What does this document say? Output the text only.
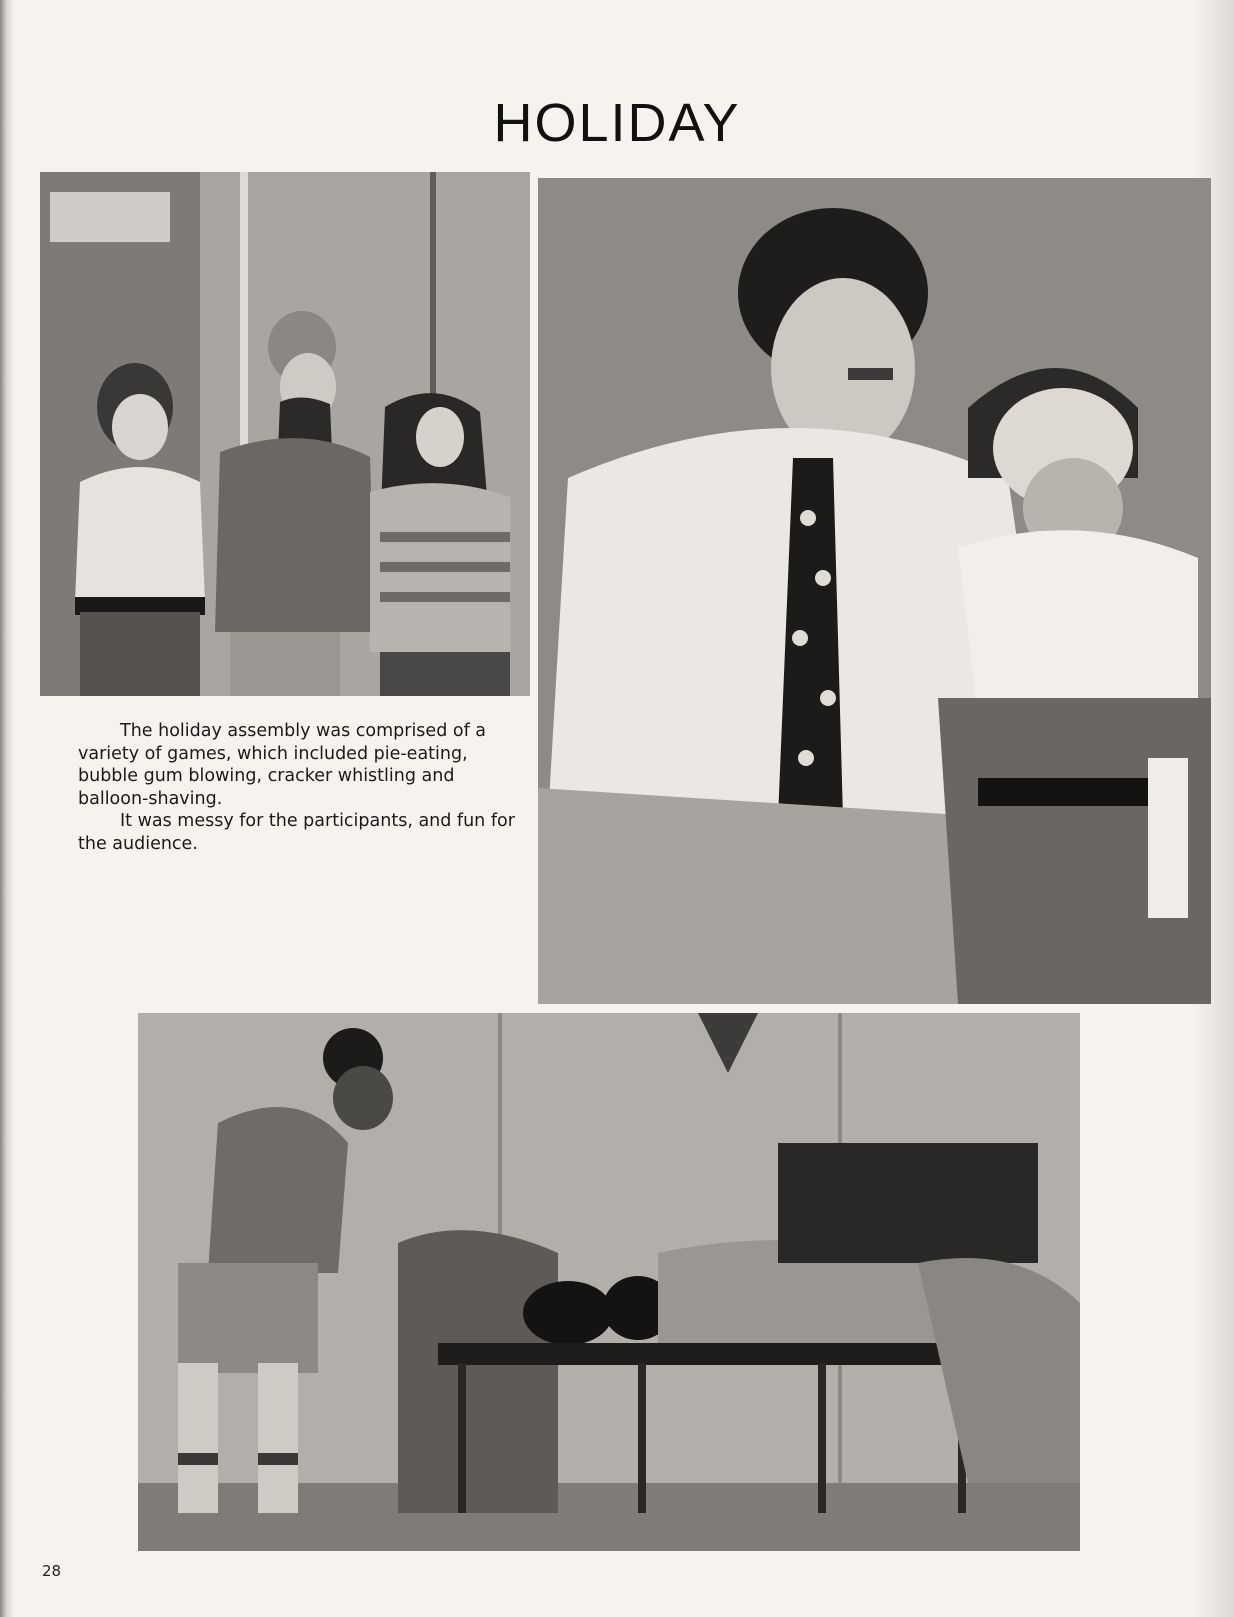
HOLIDAY

The holiday assembly was comprised of a variety of games, which included pie-eating, bubble gum blowing, cracker whistling and balloon-shaving.

It was messy for the participants, and fun for the audience.

28
